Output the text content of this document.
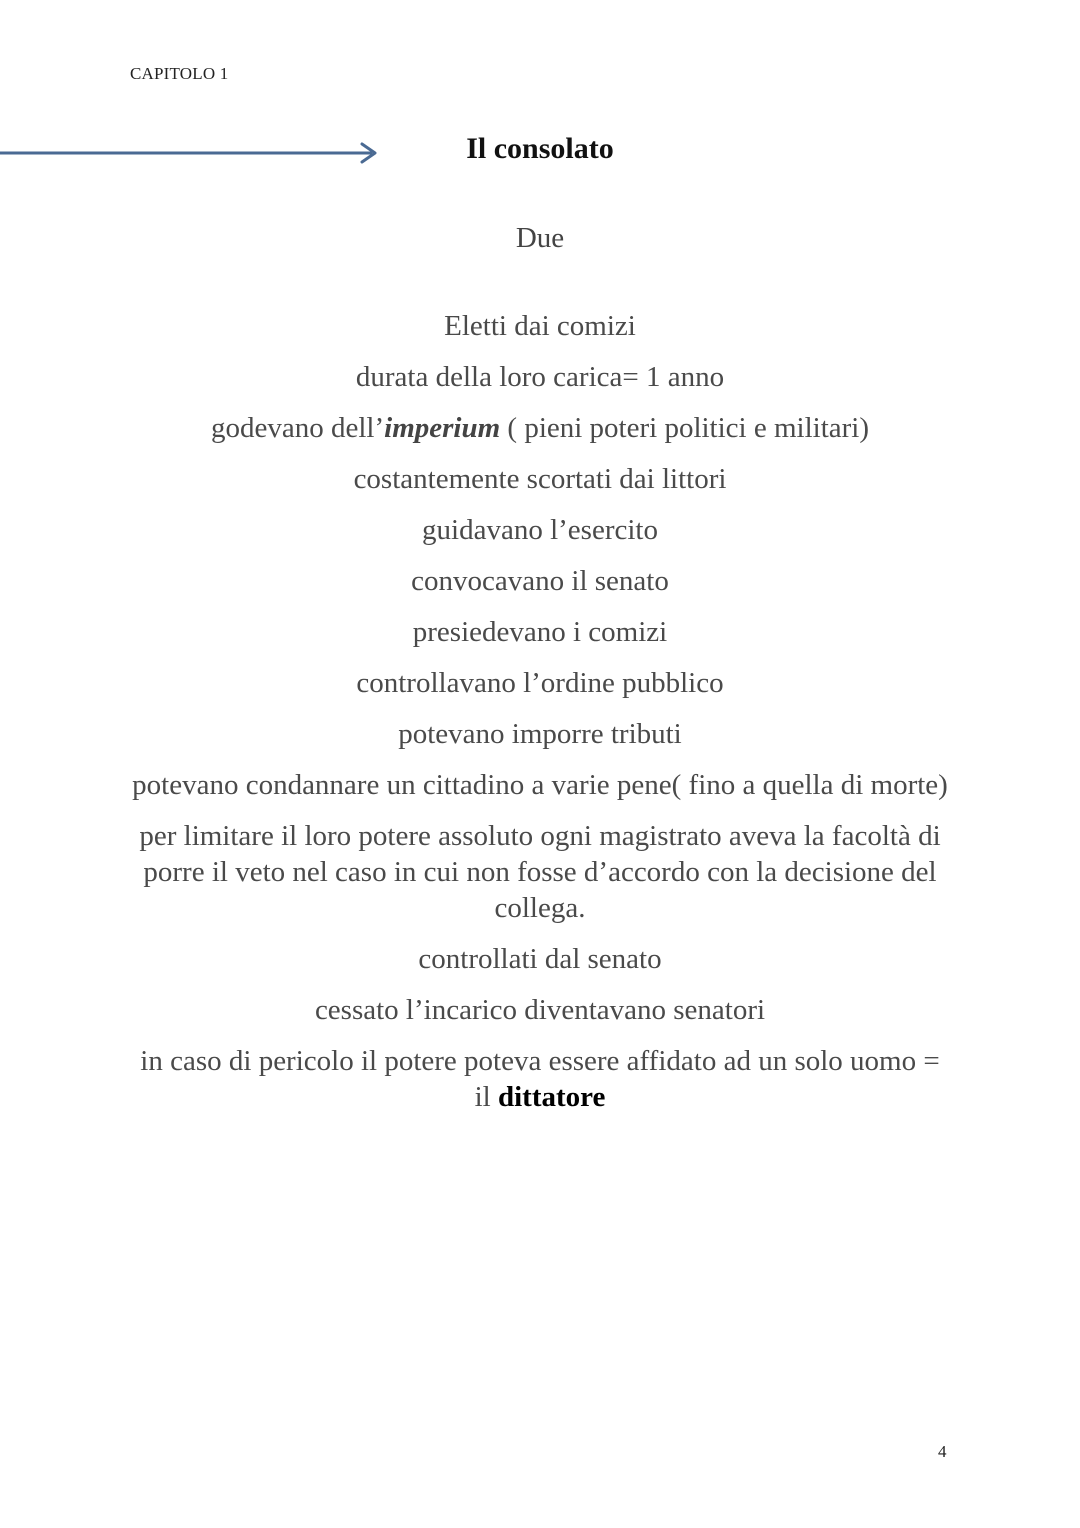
CAPITOLO 1
Il consolato
Due
Eletti dai comizi
durata della loro carica= 1 anno
godevano dell’imperium ( pieni poteri politici e militari)
costantemente scortati dai littori
guidavano l’esercito
convocavano il senato
presiedevano i comizi
controllavano l’ordine pubblico
potevano imporre tributi
potevano condannare un cittadino a varie pene( fino a quella di morte)
per limitare il loro potere assoluto ogni magistrato aveva la facoltà di porre il veto nel caso in cui non fosse d’accordo con la decisione del collega.
controllati dal senato
cessato l’incarico diventavano senatori
in caso di pericolo il potere poteva essere affidato ad un solo uomo = il dittatore
4
